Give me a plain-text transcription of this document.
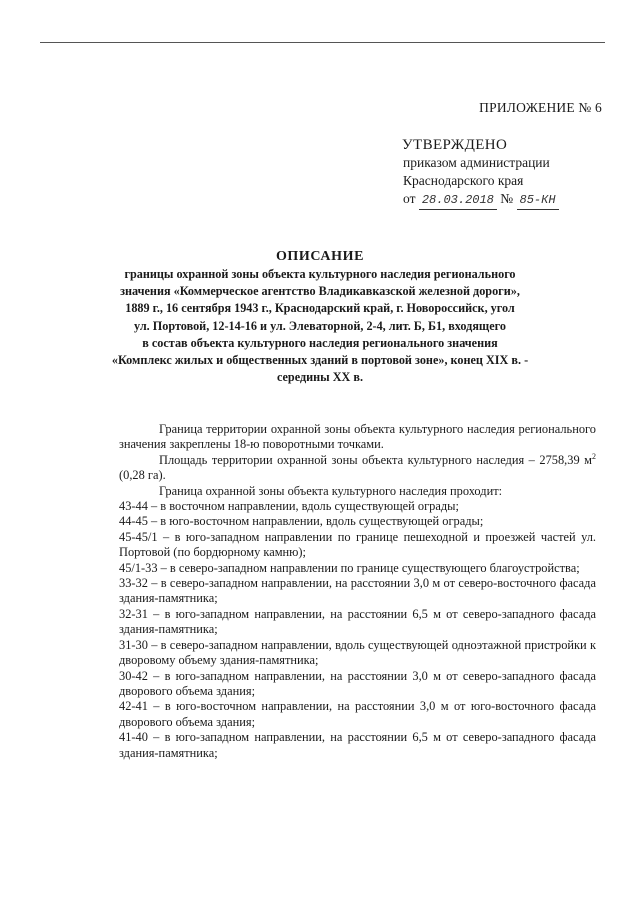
ПРИЛОЖЕНИЕ № 6
УТВЕРЖДЕНО
приказом администрации
Краснодарского края
от 28.03.2018 № 85-КН
ОПИСАНИЕ
границы охранной зоны объекта культурного наследия регионального
значения «Коммерческое агентство Владикавказской железной дороги»,
1889 г., 16 сентября 1943 г., Краснодарский край, г. Новороссийск, угол
ул. Портовой, 12-14-16 и ул. Элеваторной, 2-4, лит. Б, Б1, входящего
в состав объекта культурного наследия регионального значения
«Комплекс жилых и общественных зданий в портовой зоне», конец XIX в. -
середины XX в.

Граница территории охранной зоны объекта культурного наследия регионального значения закреплены 18-ю поворотными точками.

Площадь территории охранной зоны объекта культурного наследия – 2758,39 $м^2$ (0,28 га).

Граница охранной зоны объекта культурного наследия проходит:

43-44 – в восточном направлении, вдоль существующей ограды;

44-45 – в юго-восточном направлении, вдоль существующей ограды;

45-45/1 – в юго-западном направлении по границе пешеходной и проезжей частей ул. Портовой (по бордюрному камню);

45/1-33 – в северо-западном направлении по границе существующего благоустройства;

33-32 – в северо-западном направлении, на расстоянии 3,0 м от северо-восточного фасада здания-памятника;

32-31 – в юго-западном направлении, на расстоянии 6,5 м от северо-западного фасада здания-памятника;

31-30 – в северо-западном направлении, вдоль существующей одноэтажной пристройки к дворовому объему здания-памятника;

30-42 – в юго-западном направлении, на расстоянии 3,0 м от северо-западного фасада дворового объема здания;

42-41 – в юго-восточном направлении, на расстоянии 3,0 м от юго-восточного фасада дворового объема здания;

41-40 – в юго-западном направлении, на расстоянии 6,5 м от северо-западного фасада здания-памятника;
